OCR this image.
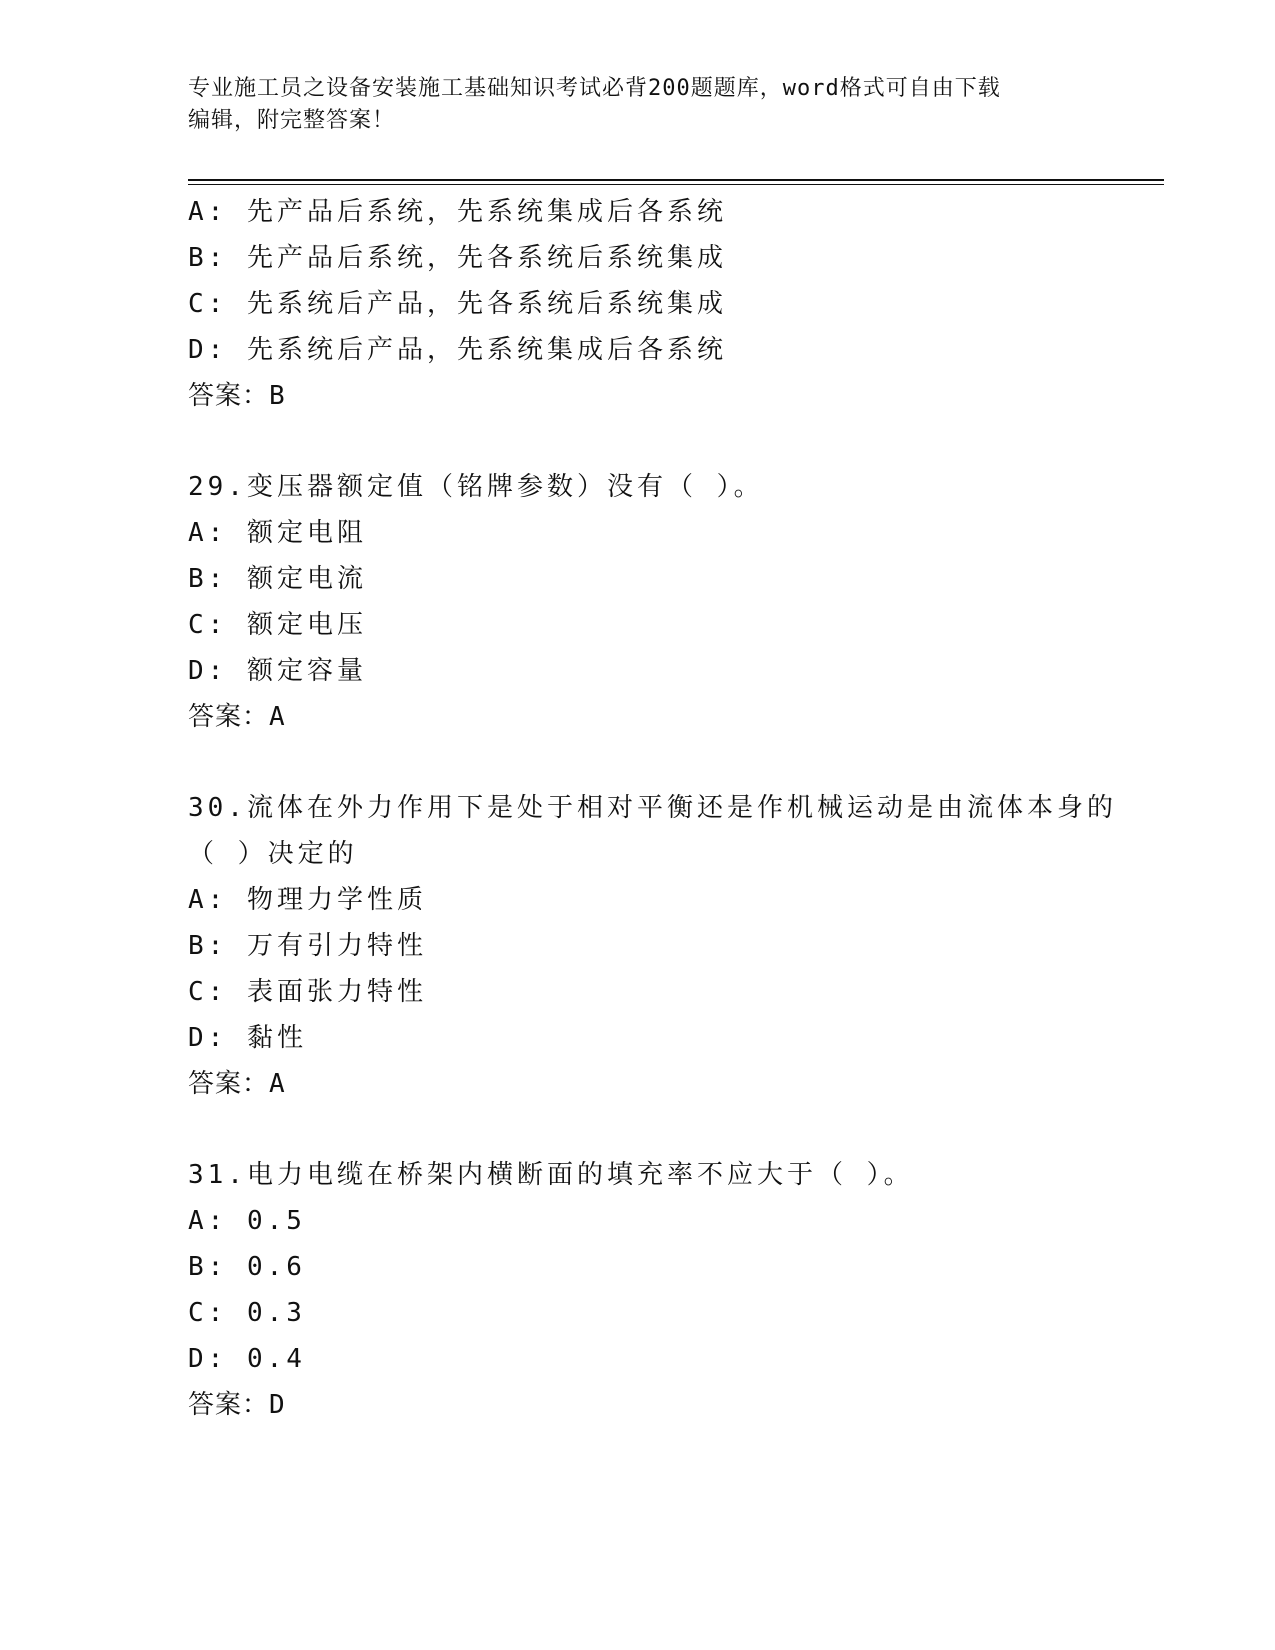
专业施工员之设备安装施工基础知识考试必背200题题库，word格式可自由下载
编辑，附完整答案！
A: 先产品后系统，先系统集成后各系统
B: 先产品后系统，先各系统后系统集成
C: 先系统后产品，先各系统后系统集成
D: 先系统后产品，先系统集成后各系统
答案：B
29.变压器额定值（铭牌参数）没有（ ）。
A: 额定电阻
B: 额定电流
C: 额定电压
D: 额定容量
答案：A
30.流体在外力作用下是处于相对平衡还是作机械运动是由流体本身的
（ ）决定的
A: 物理力学性质
B: 万有引力特性
C: 表面张力特性
D: 黏性
答案：A
31.电力电缆在桥架内横断面的填充率不应大于（ ）。
A: 0.5
B: 0.6
C: 0.3
D: 0.4
答案：D
